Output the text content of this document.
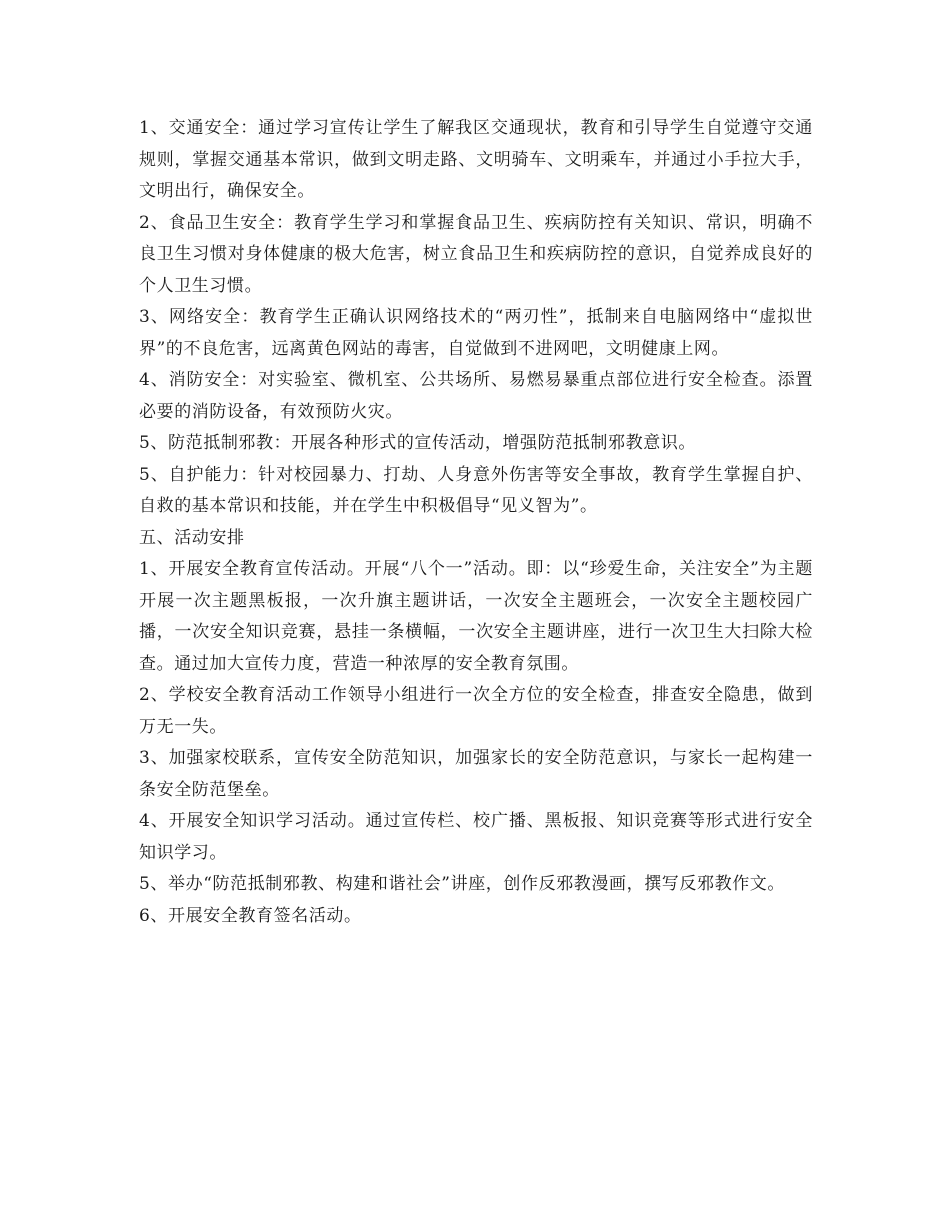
1、交通安全：通过学习宣传让学生了解我区交通现状，教育和引导学生自觉遵守交通规则，掌握交通基本常识，做到文明走路、文明骑车、文明乘车，并通过小手拉大手，文明出行，确保安全。

2、食品卫生安全：教育学生学习和掌握食品卫生、疾病防控有关知识、常识，明确不良卫生习惯对身体健康的极大危害，树立食品卫生和疾病防控的意识，自觉养成良好的个人卫生习惯。

3、网络安全：教育学生正确认识网络技术的“两刃性”，抵制来自电脑网络中“虚拟世界”的不良危害，远离黄色网站的毒害，自觉做到不进网吧，文明健康上网。

4、消防安全：对实验室、微机室、公共场所、易燃易暴重点部位进行安全检查。添置必要的消防设备，有效预防火灾。

5、防范抵制邪教：开展各种形式的宣传活动，增强防范抵制邪教意识。

5、自护能力：针对校园暴力、打劫、人身意外伤害等安全事故，教育学生掌握自护、自救的基本常识和技能，并在学生中积极倡导“见义智为”。

五、活动安排

1、开展安全教育宣传活动。开展“八个一”活动。即：以“珍爱生命，关注安全”为主题开展一次主题黑板报，一次升旗主题讲话，一次安全主题班会，一次安全主题校园广播，一次安全知识竞赛，悬挂一条横幅，一次安全主题讲座，进行一次卫生大扫除大检查。通过加大宣传力度，营造一种浓厚的安全教育氛围。

2、学校安全教育活动工作领导小组进行一次全方位的安全检查，排查安全隐患，做到万无一失。

3、加强家校联系，宣传安全防范知识，加强家长的安全防范意识，与家长一起构建一条安全防范堡垒。

4、开展安全知识学习活动。通过宣传栏、校广播、黑板报、知识竞赛等形式进行安全知识学习。

5、举办“防范抵制邪教、构建和谐社会”讲座，创作反邪教漫画，撰写反邪教作文。

6、开展安全教育签名活动。
